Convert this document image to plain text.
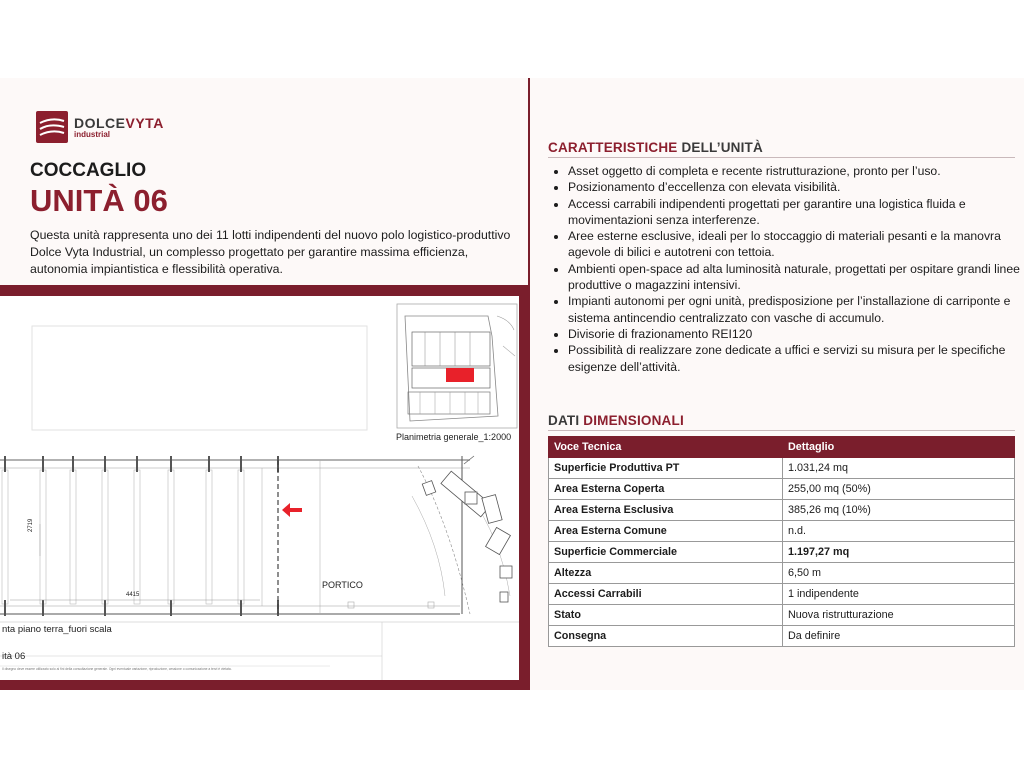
DOLCEVYTA
industrial
COCCAGLIO
UNITÀ 06
Questa unità rappresenta uno dei 11 lotti indipendenti del nuovo polo logistico-produttivo Dolce Vyta Industrial, un complesso progettato per garantire massima efficienza, autonomia impiantistica e flessibilità operativa.
PORTICO
4415
2719
nta piano terra_fuori scala
ità 06
Il disegno deve essere utilizzato solo ai fini della consultazione generale. Ogni eventuale variazione, riproduzione, cessione o comunicazione a terzi è vietata.
Planimetria generale_1:2000
CARATTERISTICHE DELL’UNITÀ
• Asset oggetto di completa e recente ristrutturazione, pronto per l’uso.
• Posizionamento d’eccellenza con elevata visibilità.
• Accessi carrabili indipendenti progettati per garantire una logistica fluida e movimentazioni senza interferenze.
• Aree esterne esclusive, ideali per lo stoccaggio di materiali pesanti e la manovra agevole di bilici e autotreni con tettoia.
• Ambienti open-space ad alta luminosità naturale, progettati per ospitare grandi linee produttive o magazzini intensivi.
• Impianti autonomi per ogni unità, predisposizione per l’installazione di carriponte e sistema antincendio centralizzato con vasche di accumulo.
• Divisorie di frazionamento REI120
• Possibilità di realizzare zone dedicate a uffici e servizi su misura per le specifiche esigenze dell’attività.
DATI DIMENSIONALI
Voce Tecnica	Dettaglio
Superficie Produttiva PT	1.031,24 mq
Area Esterna Coperta	255,00 mq (50%)
Area Esterna Esclusiva	385,26 mq (10%)
Area Esterna Comune	n.d.
Superficie Commerciale	1.197,27 mq
Altezza	6,50 m
Accessi Carrabili	1 indipendente
Stato	Nuova ristrutturazione
Consegna	Da definire
